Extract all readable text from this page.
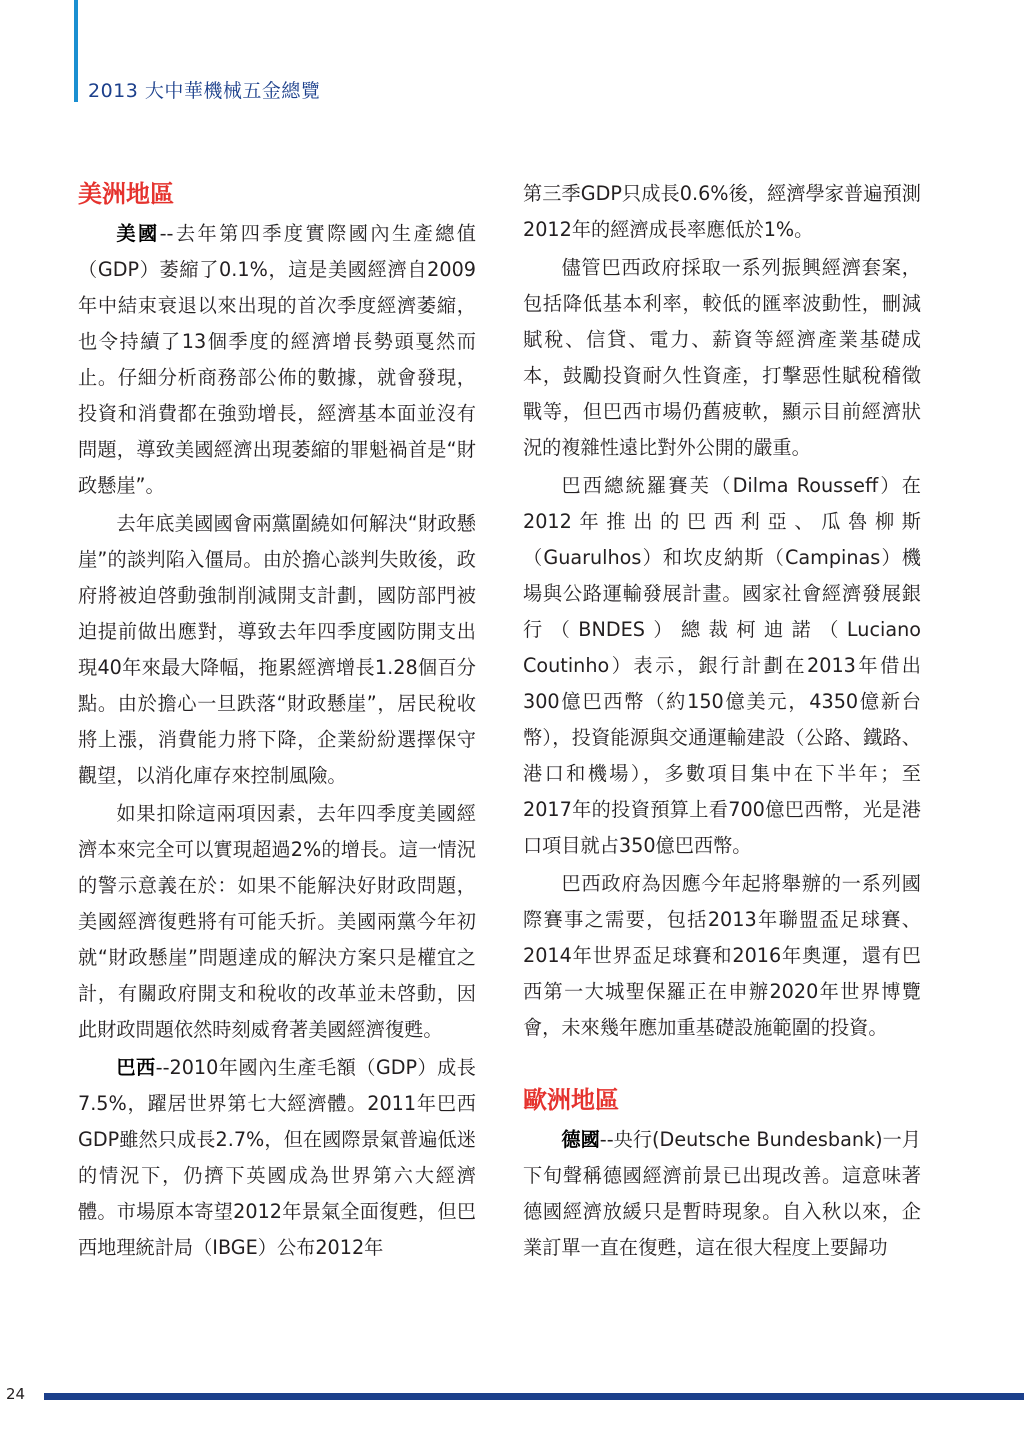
2013 大中華機械五金總覽
美洲地區

美國--去年第四季度實際國內生產總值（GDP）萎縮了0.1%，這是美國經濟自2009年中結束衰退以來出現的首次季度經濟萎縮，也令持續了13個季度的經濟增長勢頭戛然而止。仔細分析商務部公佈的數據，就會發現，投資和消費都在強勁增長，經濟基本面並沒有問題，導致美國經濟出現萎縮的罪魁禍首是“財政懸崖”。

去年底美國國會兩黨圍繞如何解決“財政懸崖”的談判陷入僵局。由於擔心談判失敗後，政府將被迫啓動強制削減開支計劃，國防部門被迫提前做出應對，導致去年四季度國防開支出現40年來最大降幅，拖累經濟增長1.28個百分點。由於擔心一旦跌落“財政懸崖”，居民稅收將上漲，消費能力將下降，企業紛紛選擇保守觀望，以消化庫存來控制風險。

如果扣除這兩項因素，去年四季度美國經濟本來完全可以實現超過2%的增長。這一情況的警示意義在於：如果不能解決好財政問題，美國經濟復甦將有可能夭折。美國兩黨今年初就“財政懸崖”問題達成的解決方案只是權宜之計，有關政府開支和稅收的改革並未啓動，因此財政問題依然時刻威脅著美國經濟復甦。

巴西--2010年國內生產毛額（GDP）成長7.5%，躍居世界第七大經濟體。2011年巴西GDP雖然只成長2.7%，但在國際景氣普遍低迷的情況下，仍擠下英國成為世界第六大經濟體。市場原本寄望2012年景氣全面復甦，但巴西地理統計局（IBGE）公布2012年

第三季GDP只成長0.6%後，經濟學家普遍預測2012年的經濟成長率應低於1%。

儘管巴西政府採取一系列振興經濟套案，包括降低基本利率，較低的匯率波動性，刪減賦稅、信貸、電力、薪資等經濟產業基礎成本，鼓勵投資耐久性資產，打擊惡性賦稅稽徵戰等，但巴西市場仍舊疲軟，顯示目前經濟狀況的複雜性遠比對外公開的嚴重。

巴西總統羅賽芙（Dilma Rousseff）在2012年推出的巴西利亞、瓜魯柳斯（Guarulhos）和坎皮納斯（Campinas）機場與公路運輸發展計畫。國家社會經濟發展銀行（BNDES）總裁柯迪諾（Luciano Coutinho）表示，銀行計劃在2013年借出300億巴西幣（約150億美元，4350億新台幣），投資能源與交通運輸建設（公路、鐵路、港口和機場），多數項目集中在下半年；至2017年的投資預算上看700億巴西幣，光是港口項目就占350億巴西幣。

巴西政府為因應今年起將舉辦的一系列國際賽事之需要，包括2013年聯盟盃足球賽、2014年世界盃足球賽和2016年奧運，還有巴西第一大城聖保羅正在申辦2020年世界博覽會，未來幾年應加重基礎設施範圍的投資。

歐洲地區

德國--央行(Deutsche Bundesbank)一月下旬聲稱德國經濟前景已出現改善。這意味著德國經濟放緩只是暫時現象。自入秋以來，企業訂單一直在復甦，這在很大程度上要歸功

24
